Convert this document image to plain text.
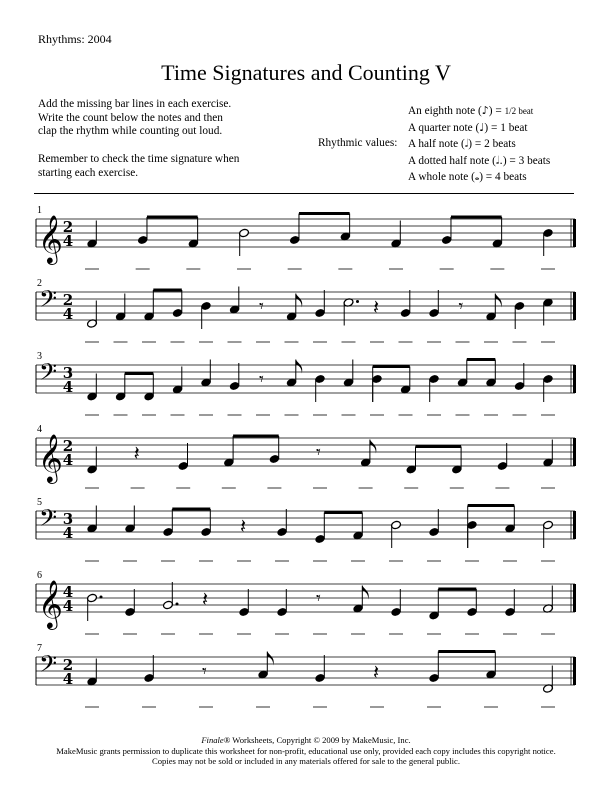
Rhythms: 2004
Time Signatures and Counting V
Add the missing bar lines in each exercise.
Write the count below the notes and then
clap the rhythm while counting out loud.
Remember to check the time signature when
starting each exercise.
Rhythmic values:
An eighth note (♪) = 1/2 beat
A quarter note (♩) = 1 beat
A half note (𝅗𝅥) = 2 beats
A dotted half note (𝅗𝅥.) = 3 beats
A whole note (𝅝) = 4 beats
1
𝄞 2
4
2
𝄢 2
4	𝄾	𝄽	𝄾
3
𝄢 3
4	𝄾
4
𝄞 2
4	𝄽	𝄾
5
𝄢 3
4	𝄽
6
𝄞 4
4	𝄽	𝄾
7
𝄢 2
4	𝄾	𝄽
Finale® Worksheets, Copyright © 2009 by MakeMusic, Inc.
MakeMusic grants permission to duplicate this worksheet for non-profit, educational use only, provided each copy includes this copyright notice.
Copies may not be sold or included in any materials offered for sale to the general public.
